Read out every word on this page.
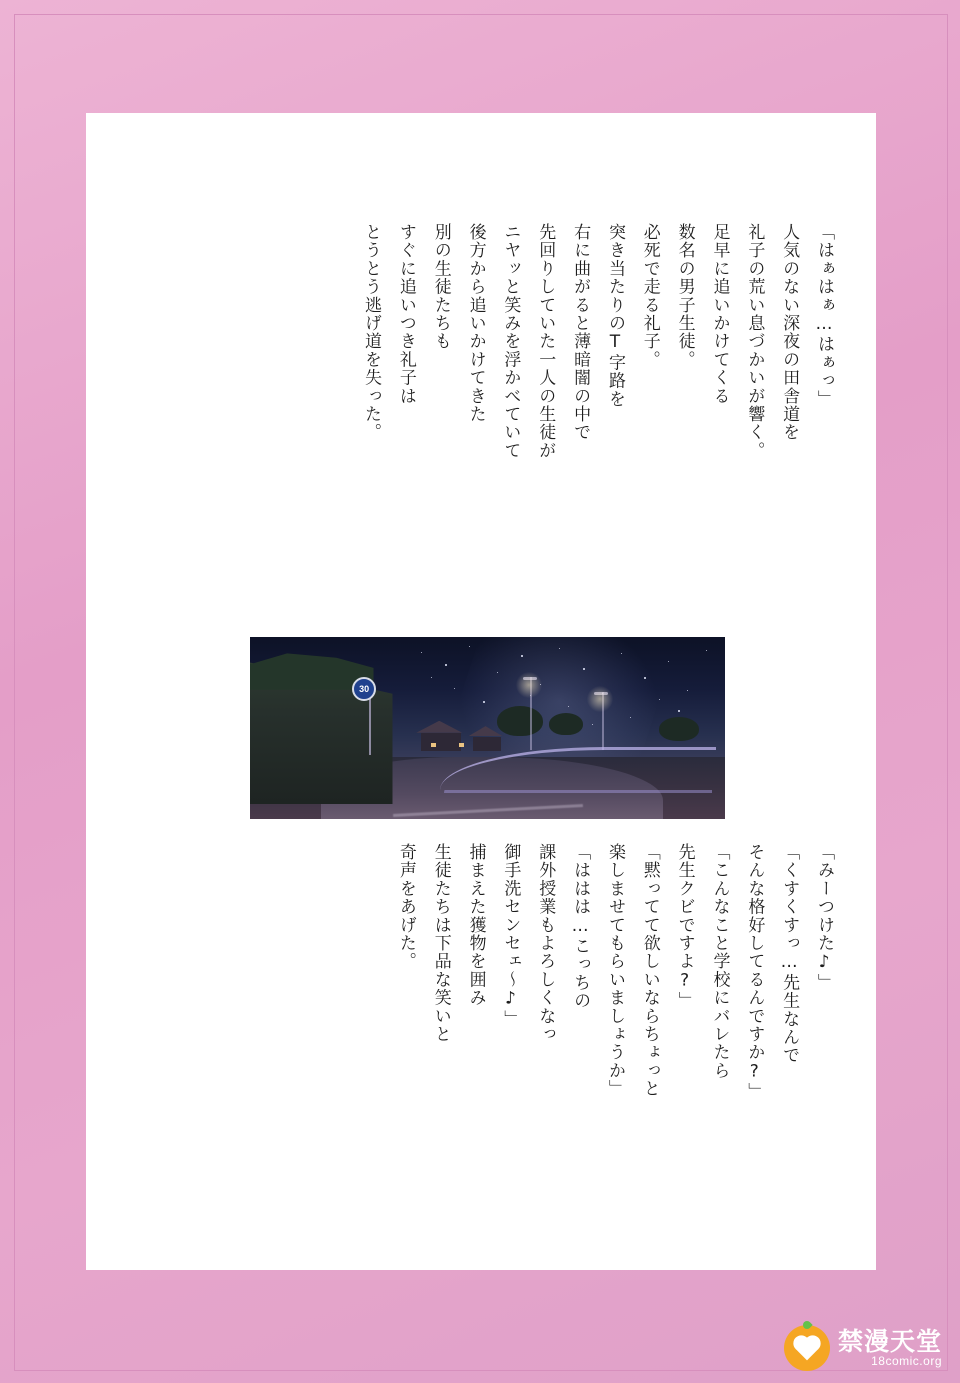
「はぁはぁ…はぁっ」

人気のない深夜の田舎道を

礼子の荒い息づかいが響く。

足早に追いかけてくる

数名の男子生徒。

必死で走る礼子。

突き当たりのT字路を

右に曲がると薄暗闇の中で

先回りしていた一人の生徒が

ニヤッと笑みを浮かべていて

後方から追いかけてきた

別の生徒たちも

すぐに追いつき礼子は

とうとう逃げ道を失った。

30

「みーつけた♪」

「くすくすっ…先生なんで

そんな格好してるんですか?」

「こんなこと学校にバレたら

先生クビですよ?」

「黙ってて欲しいならちょっと

楽しませてもらいましょうか」

「ははは…こっちの

課外授業もよろしくなっ

御手洗センセェ～♪」

捕まえた獲物を囲み

生徒たちは下品な笑いと

奇声をあげた。

禁漫天堂
18comic.org
